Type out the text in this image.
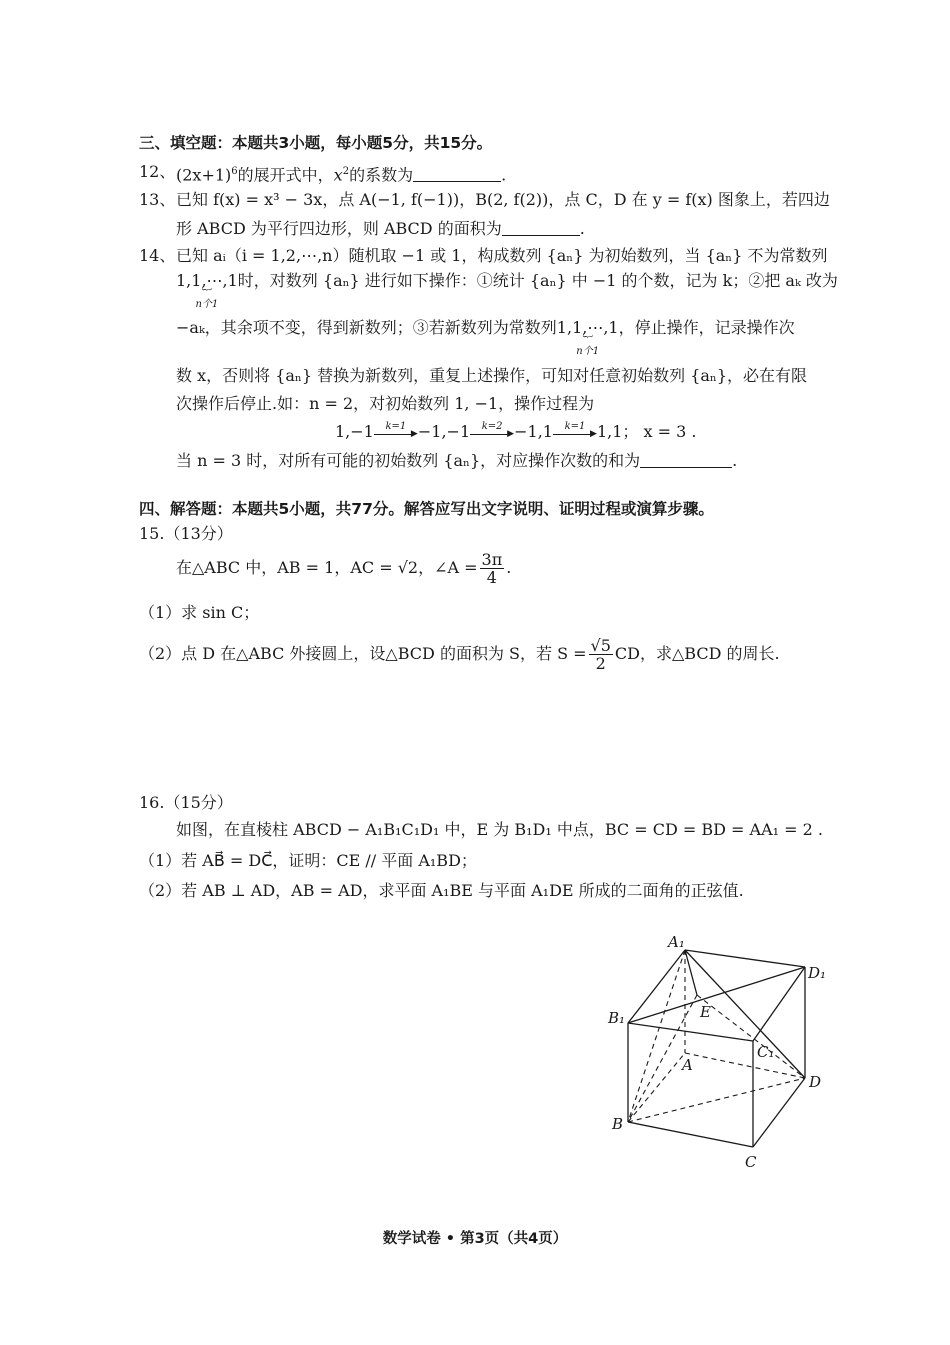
三、填空题：本题共3小题，每小题5分，共15分。
12、 $(2x+1)^6$的展开式中，$x^2$的系数为	.
13、 已知 f(x) = x³ − 3x，点 A(−1, f(−1))，B(2, f(2))，点 C，D 在 y = f(x) 图象上，若四边
形 ABCD 为平行四边形，则 ABCD 的面积为	.
14、 已知 aᵢ（i = 1,2,⋯,n）随机取 −1 或 1，构成数列 {aₙ} 为初始数列，当 {aₙ} 不为常数列
1,1,⋯,1
︸
n个1
时，对数列 {aₙ} 进行如下操作：①统计 {aₙ} 中 −1 的个数，记为 k；②把 aₖ 改为
−aₖ，其余项不变，得到新数列；③若新数列为常数列1,1,⋯,1
︸
n个1
，停止操作，记录操作次
数 x，否则将 {aₙ} 替换为新数列，重复上述操作，可知对任意初始数列 {aₙ}，必在有限
次操作后停止.如：n = 2，对初始数列 1, −1，操作过程为
1,−1	k=1
▶ −1,−1	k=2
▶ −1,1	k=1
▶ 1,1； x = 3 .
当 n = 3 时，对所有可能的初始数列 {aₙ}，对应操作次数的和为	.
四、解答题：本题共5小题，共77分。解答应写出文字说明、证明过程或演算步骤。
15.（13分）
在△ABC 中，AB = 1，AC = √2，∠A = $\frac{3\pi}{4}$ .
（1）求 sin C；
（2）点 D 在△ABC 外接圆上，设△BCD 的面积为 S，若 $S = \frac{√5}{2}$ CD，求△BCD 的周长.
16.（15分）
如图，在直棱柱 ABCD − A₁B₁C₁D₁ 中，E 为 B₁D₁ 中点，BC = CD = BD = AA₁ = 2 .
（1）若 AB⃗ = DC⃗，证明：CE // 平面 A₁BD；
（2）若 AB ⊥ AD，AB = AD，求平面 A₁BE 与平面 A₁DE 所成的二面角的正弦值.
A₁
D₁
B₁	E
C₁
A
D
B
C
数学试卷 • 第3页（共4页）
